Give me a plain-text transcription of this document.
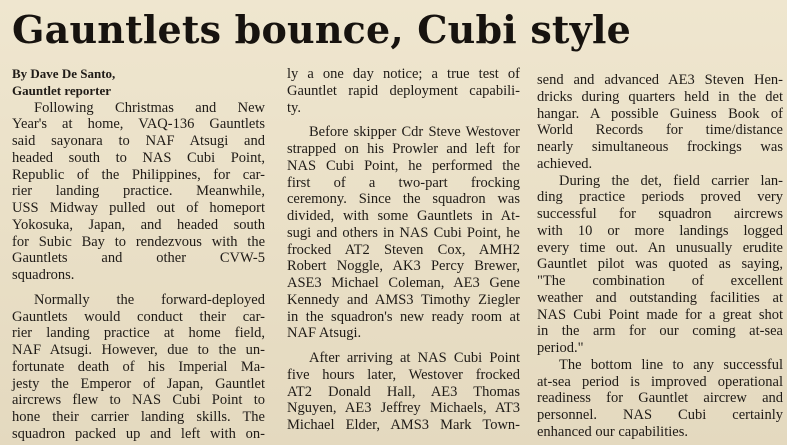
Gauntlets bounce, Cubi style
By Dave De Santo,
Gauntlet reporter
Following Christmas and New
Year's at home, VAQ-136 Gauntlets
said sayonara to NAF Atsugi and
headed south to NAS Cubi Point,
Republic of the Philippines, for car-
rier landing practice. Meanwhile,
USS Midway pulled out of homeport
Yokosuka, Japan, and headed south
for Subic Bay to rendezvous with the
Gauntlets and other CVW-5
squadrons.
Normally the forward-deployed
Gauntlets would conduct their car-
rier landing practice at home field,
NAF Atsugi. However, due to the un-
fortunate death of his Imperial Ma-
jesty the Emperor of Japan, Gauntlet
aircrews flew to NAS Cubi Point to
hone their carrier landing skills. The
squadron packed up and left with on-
ly a one day notice; a true test of
Gauntlet rapid deployment capabili-
ty.
Before skipper Cdr Steve Westover
strapped on his Prowler and left for
NAS Cubi Point, he performed the
first of a two-part frocking
ceremony. Since the squadron was
divided, with some Gauntlets in At-
sugi and others in NAS Cubi Point, he
frocked AT2 Steven Cox, AMH2
Robert Noggle, AK3 Percy Brewer,
ASE3 Michael Coleman, AE3 Gene
Kennedy and AMS3 Timothy Ziegler
in the squadron's new ready room at
NAF Atsugi.
After arriving at NAS Cubi Point
five hours later, Westover frocked
AT2 Donald Hall, AE3 Thomas
Nguyen, AE3 Jeffrey Michaels, AT3
Michael Elder, AMS3 Mark Town-
send and advanced AE3 Steven Hen-
dricks during quarters held in the det
hangar. A possible Guiness Book of
World Records for time/distance
nearly simultaneous frockings was
achieved.
During the det, field carrier lan-
ding practice periods proved very
successful for squadron aircrews
with 10 or more landings logged
every time out. An unusually erudite
Gauntlet pilot was quoted as saying,
"The combination of excellent
weather and outstanding facilities at
NAS Cubi Point made for a great shot
in the arm for our coming at-sea
period."
The bottom line to any successful
at-sea period is improved operational
readiness for Gauntlet aircrew and
personnel. NAS Cubi certainly
enhanced our capabilities.
